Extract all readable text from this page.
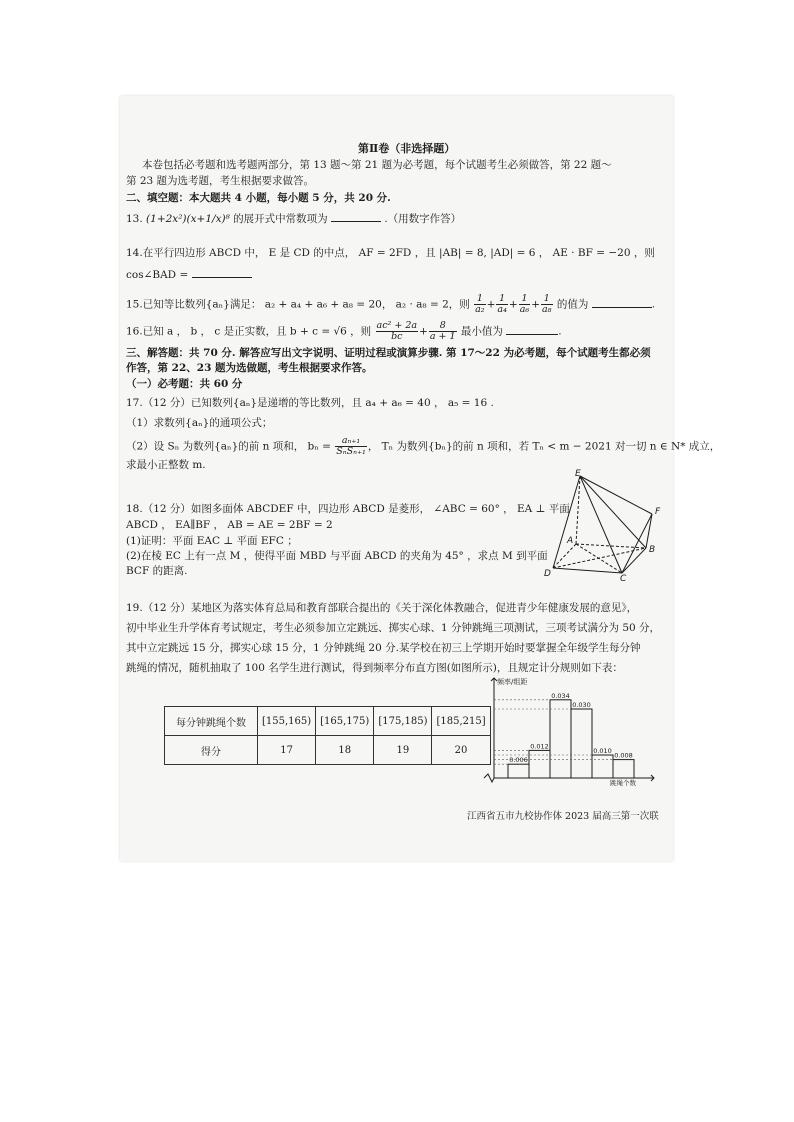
第Ⅱ卷（非选择题）
本卷包括必考题和选考题两部分，第 13 题～第 21 题为必考题，每个试题考生必须做答，第 22 题～
第 23 题为选考题，考生根据要求做答。
二、填空题：本大题共 4 小题，每小题 5 分，共 20 分.
13. (1+2x²)(x+1/x)⁸ 的展开式中常数项为	.（用数字作答）
14.在平行四边形 ABCD 中， E 是 CD 的中点， AF = 2FD ，且 |AB| = 8, |AD| = 6 ， AE · BF = −20 ，则
cos∠BAD =
15.已知等比数列{aₙ}满足： a₂ + a₄ + a₆ + a₈ = 20， a₂ · a₈ = 2，则 $\frac{1}{\text{a₂}} + \frac{1}{\text{a₄}} + \frac{1}{\text{a₆}} + \frac{1}{\text{a₈}}$ 的值为	.
16.已知 a ， b ， c 是正实数，且 b + c = √6 ，则 $\frac{\text{ac² + 2a}}{bc} + \frac{8}{a + 1}$ 最小值为	.
三、解答题：共 70 分. 解答应写出文字说明、证明过程或演算步骤. 第 17～22 为必考题，每个试题考生都必须
作答，第 22、23 题为选做题，考生根据要求作答。
（一）必考题：共 60 分
17.（12 分）已知数列{aₙ}是递增的等比数列，且 a₄ + a₆ = 40 ， a₅ = 16 .
（1）求数列{aₙ}的通项公式；
（2）设 Sₙ 为数列{aₙ}的前 n 项和， $b_n = \frac{\text{aₙ₊₁}}{\text{SₙSₙ₊₁}}$ ， Tₙ 为数列{bₙ}的前 n 项和，若 Tₙ < m − 2021 对一切 n ∈ N* 成立，
求最小正整数 m.
18.（12 分）如图多面体 ABCDEF 中，四边形 ABCD 是菱形， ∠ABC = 60° ， EA ⊥ 平面
ABCD ， EA∥BF ， AB = AE = 2BF = 2
(1)证明：平面 EAC ⊥ 平面 EFC ；
(2)在棱 EC 上有一点 M ，使得平面 MBD 与平面 ABCD 的夹角为 45° ，求点 M 到平面
BCF 的距离.
E
F
A
B
C
D
19.（12 分）某地区为落实体育总局和教育部联合提出的《关于深化体教融合，促进青少年健康发展的意见》，
初中毕业生升学体育考试规定，考生必须参加立定跳远、掷实心球、1 分钟跳绳三项测试，三项考试满分为 50 分，
其中立定跳远 15 分，掷实心球 15 分，1 分钟跳绳 20 分.某学校在初三上学期开始时要掌握全年级学生每分钟
跳绳的情况，随机抽取了 100 名学生进行测试，得到频率分布直方图(如图所示)，且规定计分规则如下表：
每分钟跳绳个数	[155,165)	[165,175)	[175,185)	[185,215]
得分	17	18	19	20
0.006
0.012
0.034
0.030
0.010
0.008
频率/组距
跳绳个数
江西省五市九校协作体 2023 届高三第一次联
